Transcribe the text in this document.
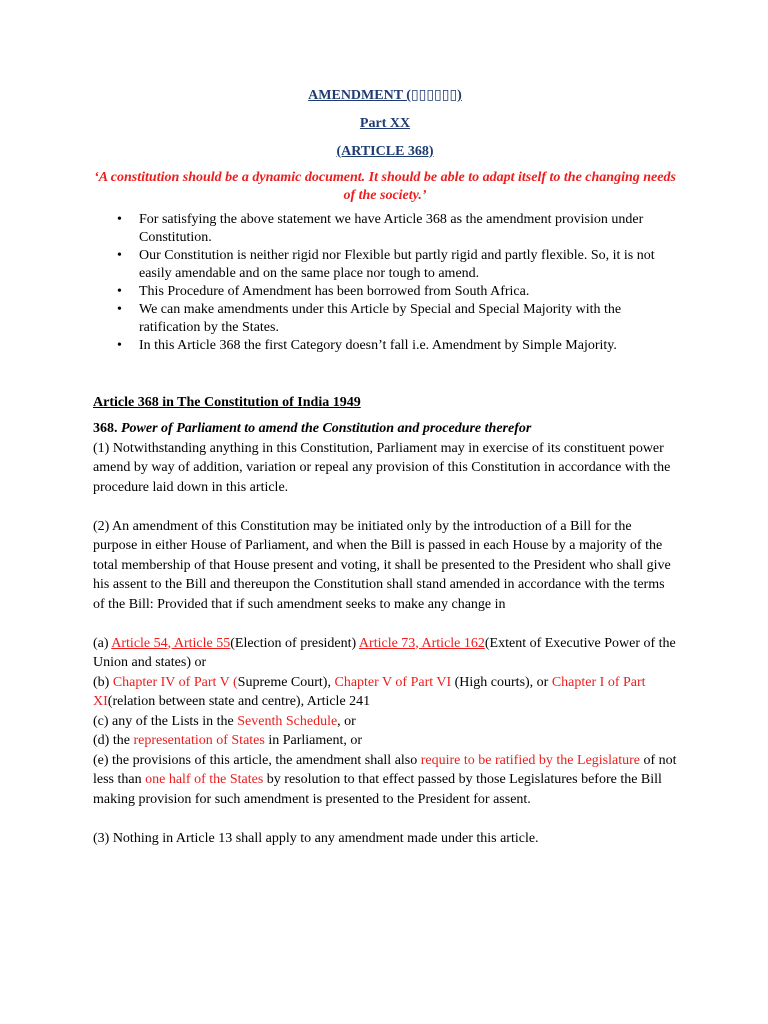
AMENDMENT (▯▯▯▯▯▯)

Part XX

(ARTICLE 368)

‘A constitution should be a dynamic document. It should be able to adapt itself to the changing needs of the society.’

• For satisfying the above statement we have Article 368 as the amendment provision under Constitution.
• Our Constitution is neither rigid nor Flexible but partly rigid and partly flexible. So, it is not easily amendable and on the same place nor tough to amend.
• This Procedure of Amendment has been borrowed from South Africa.
• We can make amendments under this Article by Special and Special Majority with the ratification by the States.
• In this Article 368 the first Category doesn’t fall i.e. Amendment by Simple Majority.

Article 368 in The Constitution of India 1949

368. Power of Parliament to amend the Constitution and procedure therefor

(1) Notwithstanding anything in this Constitution, Parliament may in exercise of its constituent power amend by way of addition, variation or repeal any provision of this Constitution in accordance with the procedure laid down in this article.

(2) An amendment of this Constitution may be initiated only by the introduction of a Bill for the purpose in either House of Parliament, and when the Bill is passed in each House by a majority of the total membership of that House present and voting, it shall be presented to the President who shall give his assent to the Bill and thereupon the Constitution shall stand amended in accordance with the terms of the Bill: Provided that if such amendment seeks to make any change in

(a) Article 54, Article 55(Election of president) Article 73, Article 162(Extent of Executive Power of the Union and states) or

(b) Chapter IV of Part V (Supreme Court), Chapter V of Part VI (High courts), or Chapter I of Part XI(relation between state and centre), Article 241

(c) any of the Lists in the Seventh Schedule, or

(d) the representation of States in Parliament, or

(e) the provisions of this article, the amendment shall also require to be ratified by the Legislature of not less than one half of the States by resolution to that effect passed by those Legislatures before the Bill making provision for such amendment is presented to the President for assent.

(3) Nothing in Article 13 shall apply to any amendment made under this article.
